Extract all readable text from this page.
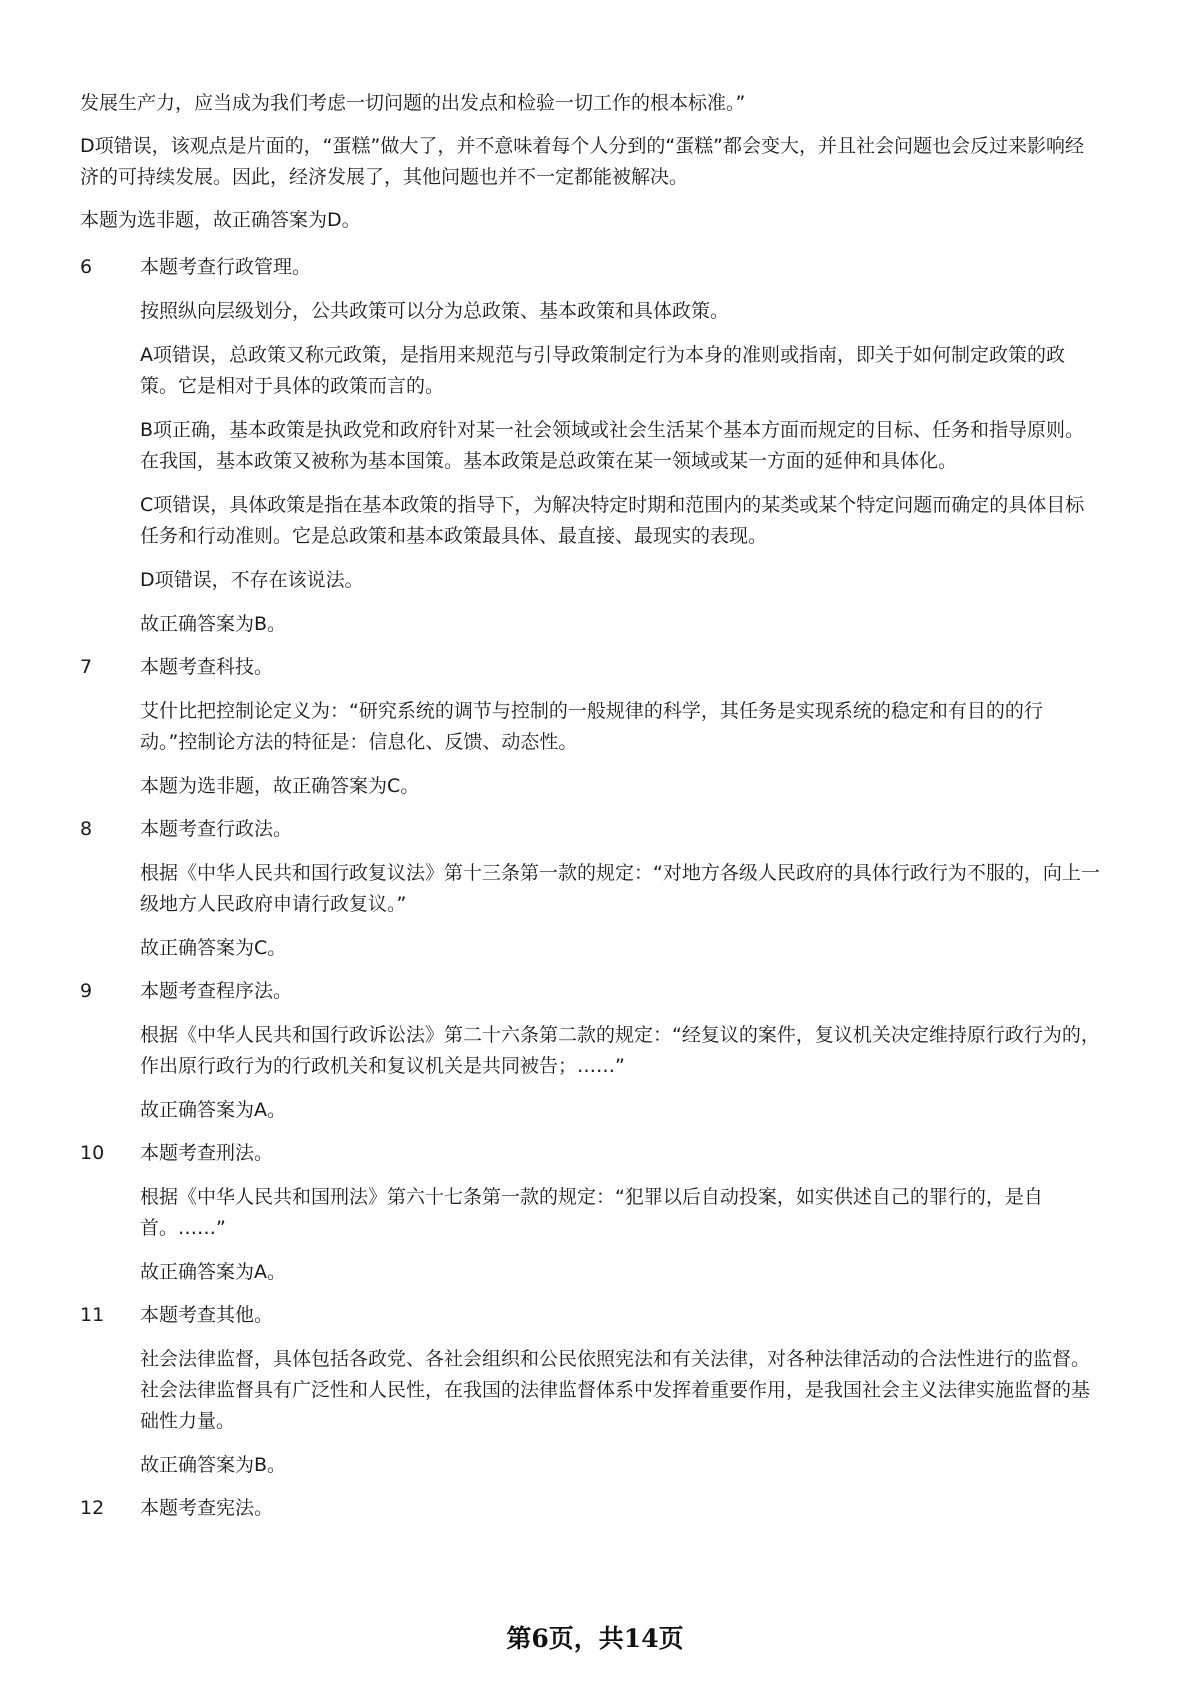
发展生产力，应当成为我们考虑一切问题的出发点和检验一切工作的根本标准。”

D项错误，该观点是片面的，“蛋糕”做大了，并不意味着每个人分到的“蛋糕”都会变大，并且社会问题也会反过来影响经济的可持续发展。因此，经济发展了，其他问题也并不一定都能被解决。

本题为选非题，故正确答案为D。

6	本题考查行政管理。

按照纵向层级划分，公共政策可以分为总政策、基本政策和具体政策。

A项错误，总政策又称元政策，是指用来规范与引导政策制定行为本身的准则或指南，即关于如何制定政策的政策。它是相对于具体的政策而言的。

B项正确，基本政策是执政党和政府针对某一社会领域或社会生活某个基本方面而规定的目标、任务和指导原则。在我国，基本政策又被称为基本国策。基本政策是总政策在某一领域或某一方面的延伸和具体化。

C项错误，具体政策是指在基本政策的指导下，为解决特定时期和范围内的某类或某个特定问题而确定的具体目标任务和行动准则。它是总政策和基本政策最具体、最直接、最现实的表现。

D项错误，不存在该说法。

故正确答案为B。

7	本题考查科技。

艾什比把控制论定义为：“研究系统的调节与控制的一般规律的科学，其任务是实现系统的稳定和有目的的行动。”控制论方法的特征是：信息化、反馈、动态性。

本题为选非题，故正确答案为C。

8	本题考查行政法。

根据《中华人民共和国行政复议法》第十三条第一款的规定：“对地方各级人民政府的具体行政行为不服的，向上一级地方人民政府申请行政复议。”

故正确答案为C。

9	本题考查程序法。

根据《中华人民共和国行政诉讼法》第二十六条第二款的规定：“经复议的案件，复议机关决定维持原行政行为的，作出原行政行为的行政机关和复议机关是共同被告；……”

故正确答案为A。

10	本题考查刑法。

根据《中华人民共和国刑法》第六十七条第一款的规定：“犯罪以后自动投案，如实供述自己的罪行的，是自首。……”

故正确答案为A。

11	本题考查其他。

社会法律监督，具体包括各政党、各社会组织和公民依照宪法和有关法律，对各种法律活动的合法性进行的监督。社会法律监督具有广泛性和人民性，在我国的法律监督体系中发挥着重要作用，是我国社会主义法律实施监督的基础性力量。

故正确答案为B。

12	本题考查宪法。

第6页，共14页
